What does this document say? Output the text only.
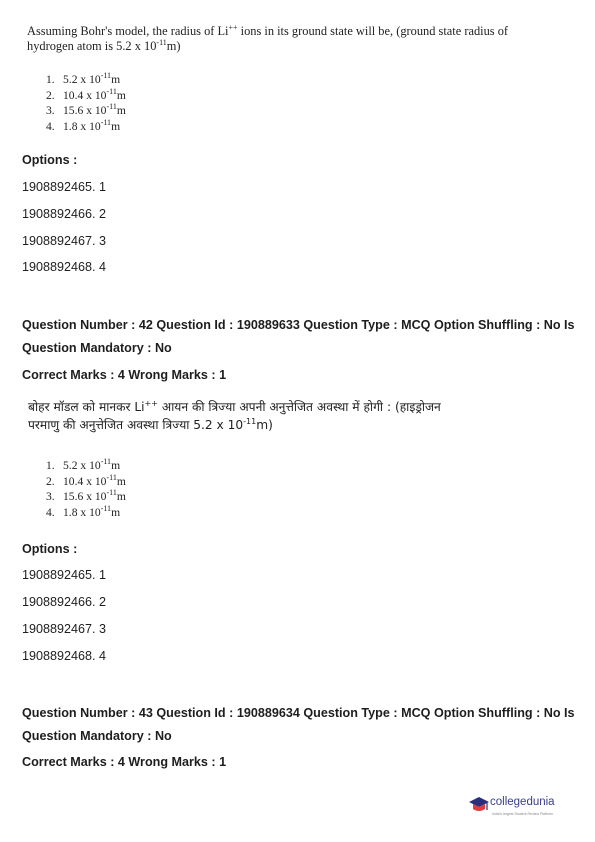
Assuming Bohr's model, the radius of Li++ ions in its ground state will be, (ground state radius of
hydrogen atom is 5.2 x $10^{-11}m$)
1. 5.2 x $10^{-11}m$
2. 10.4 x $10^{-11}m$
3. 15.6 x $10^{-11}m$
4. 1.8 x $10^{-11}m$
Options :
1908892465. 1
1908892466. 2
1908892467. 3
1908892468. 4
Question Number : 42 Question Id : 190889633 Question Type : MCQ Option Shuffling : No Is
Question Mandatory : No
Correct Marks : 4 Wrong Marks : 1
बोहर मॉडल को मानकर Li++ आयन की त्रिज्या अपनी अनुत्तेजित अवस्था में होगी : (हाइड्रोजन
परमाणु की अनुत्तेजित अवस्था त्रिज्या 5.2 x $10^{-11}m$)
1. 5.2 x $10^{-11}m$
2. 10.4 x $10^{-11}m$
3. 15.6 x $10^{-11}m$
4. 1.8 x $10^{-11}m$
Options :
1908892465. 1
1908892466. 2
1908892467. 3
1908892468. 4
Question Number : 43 Question Id : 190889634 Question Type : MCQ Option Shuffling : No Is
Question Mandatory : No
Correct Marks : 4 Wrong Marks : 1
collegedunia
India's largest Student Review Platform
